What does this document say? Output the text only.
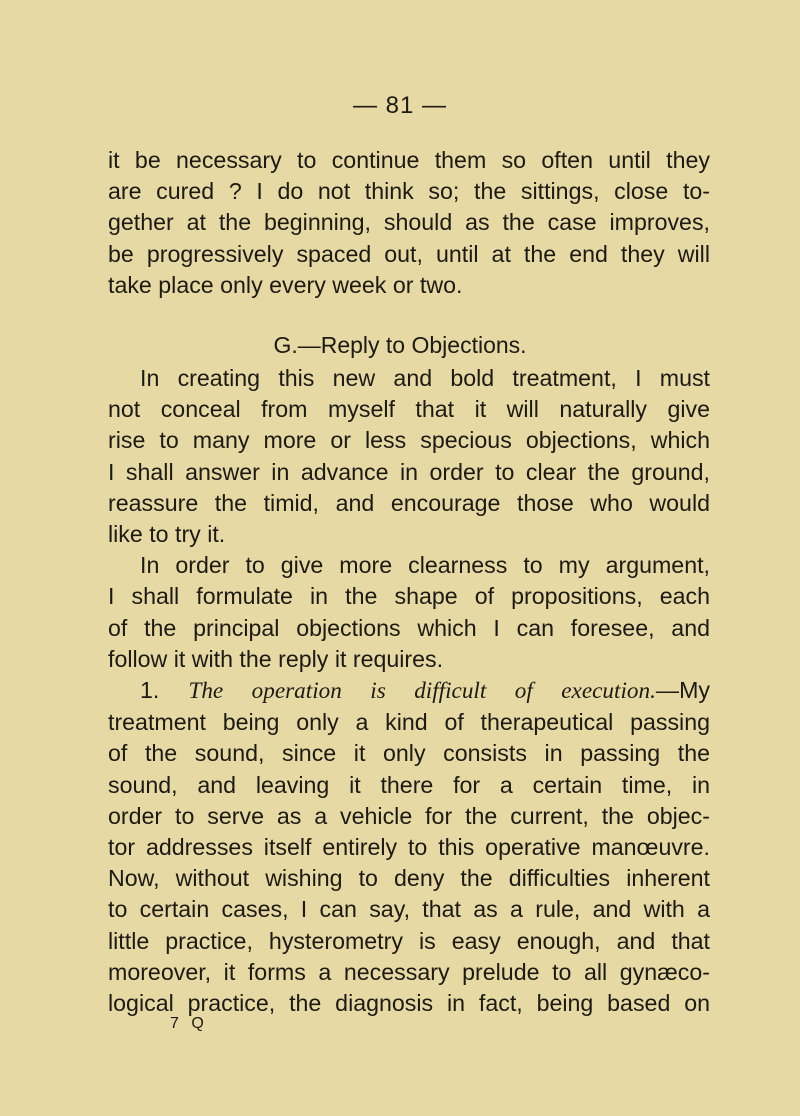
— 81 —

it be necessary to continue them so often until they

are cured ? I do not think so; the sittings, close to-

gether at the beginning, should as the case improves,

be progressively spaced out, until at the end they will

take place only every week or two.

G.—Reply to Objections.

In creating this new and bold treatment, I must

not conceal from myself that it will naturally give

rise to many more or less specious objections, which

I shall answer in advance in order to clear the ground,

reassure the timid, and encourage those who would

like to try it.

In order to give more clearness to my argument,

I shall formulate in the shape of propositions, each

of the principal objections which I can foresee, and

follow it with the reply it requires.

1. The operation is difficult of execution.—My

treatment being only a kind of therapeutical passing

of the sound, since it only consists in passing the

sound, and leaving it there for a certain time, in

order to serve as a vehicle for the current, the objec-

tor addresses itself entirely to this operative manœuvre.

Now, without wishing to deny the difficulties inherent

to certain cases, I can say, that as a rule, and with a

little practice, hysterometry is easy enough, and that

moreover, it forms a necessary prelude to all gynæco-

logical practice, the diagnosis in fact, being based on

7 Q
